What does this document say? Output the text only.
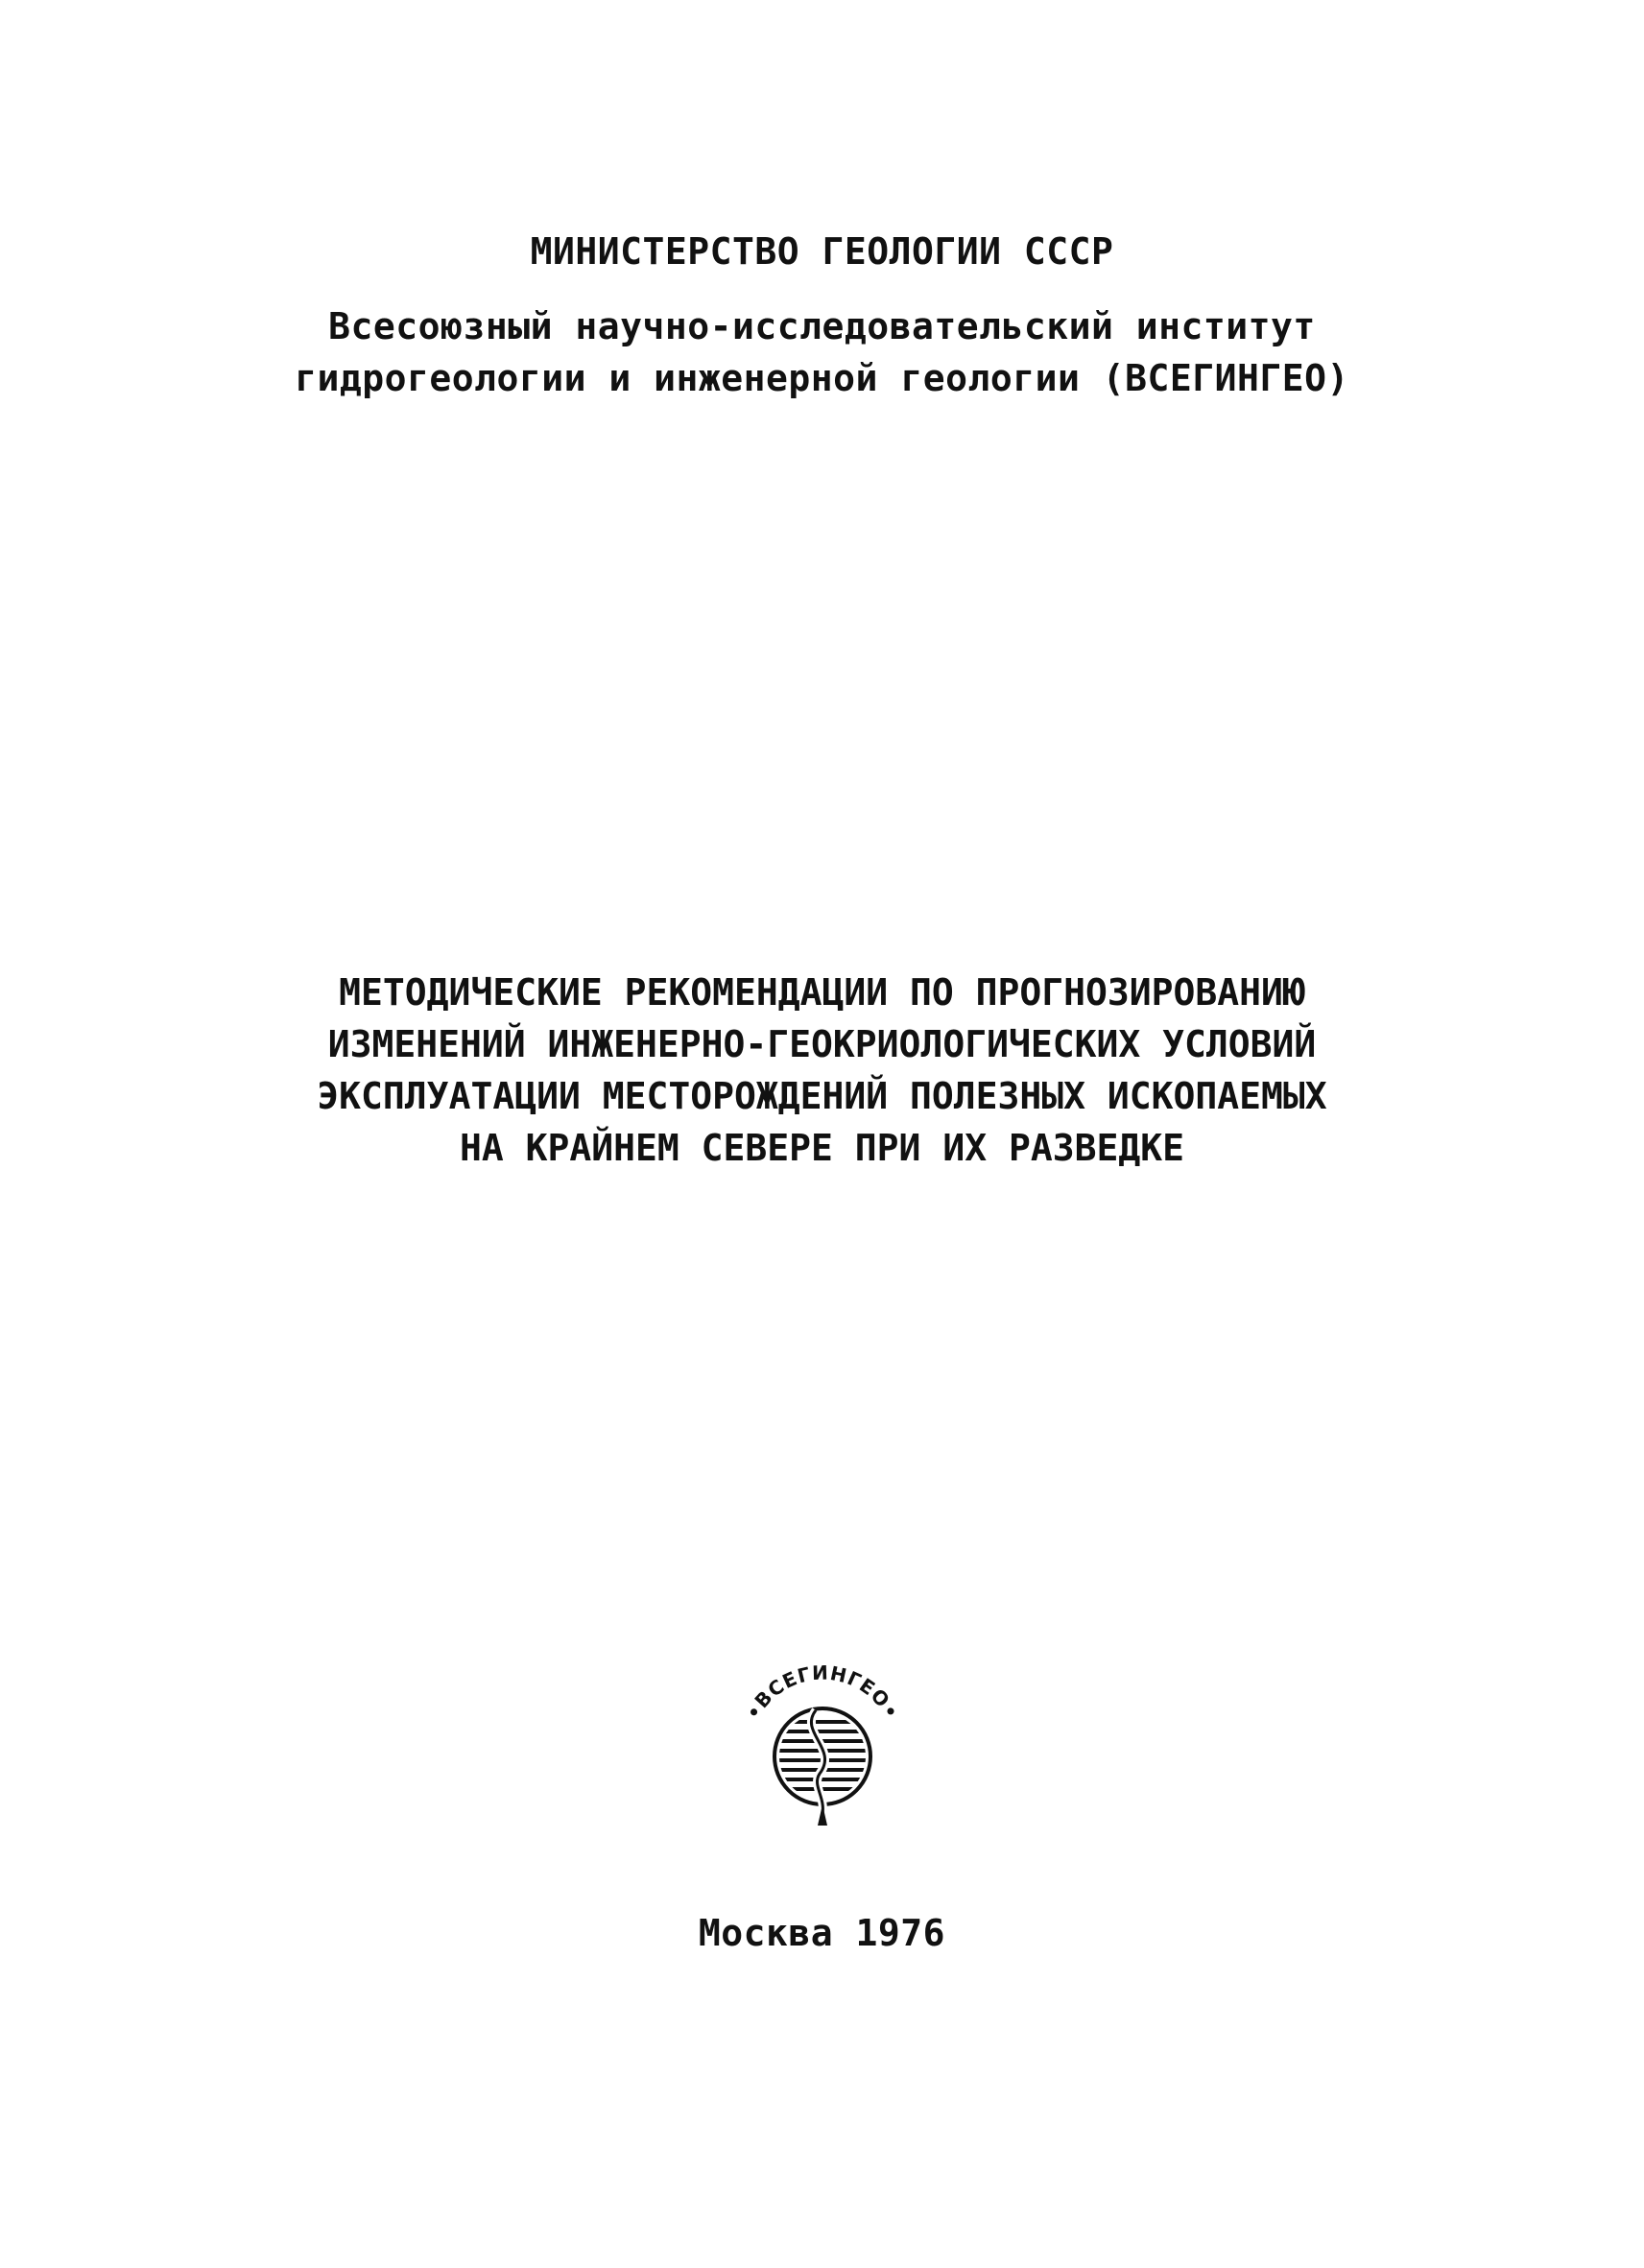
МИНИСТЕРСТВО ГЕОЛОГИИ СССР
Всесоюзный научно-исследовательский институт
гидрогеологии и инженерной геологии (ВСЕГИНГЕО)
МЕТОДИЧЕСКИЕ РЕКОМЕНДАЦИИ ПО ПРОГНОЗИРОВАНИЮ
ИЗМЕНЕНИЙ ИНЖЕНЕРНО-ГЕОКРИОЛОГИЧЕСКИХ УСЛОВИЙ
ЭКСПЛУАТАЦИИ МЕСТОРОЖДЕНИЙ ПОЛЕЗНЫХ ИСКОПАЕМЫХ
НА КРАЙНЕМ СЕВЕРЕ ПРИ ИХ РАЗВЕДКЕ
•ВСЕГИНГЕО•
Москва 1976
